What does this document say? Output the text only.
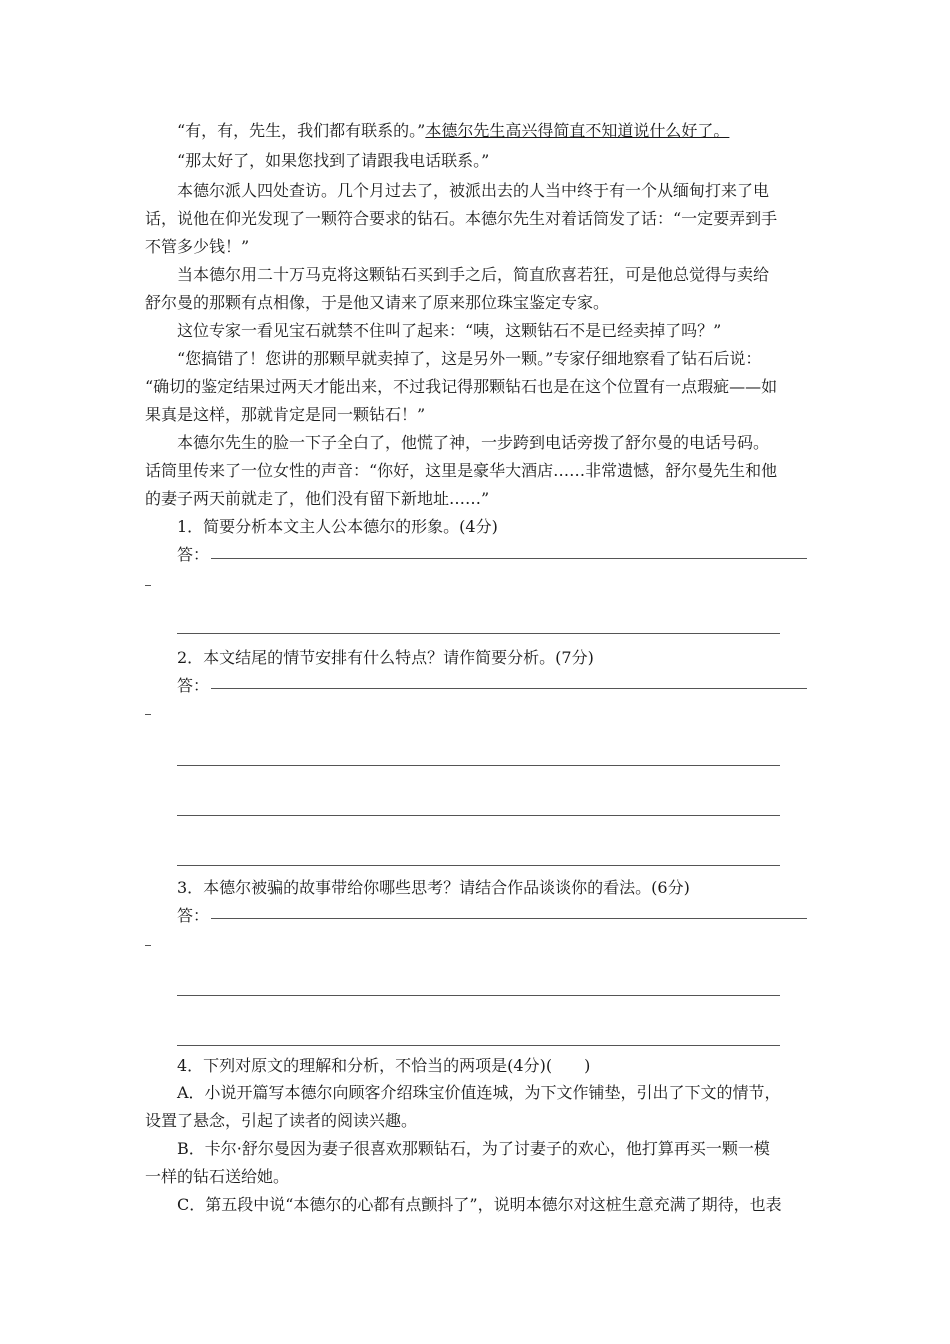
“有，有，先生，我们都有联系的。”本德尔先生高兴得简直不知道说什么好了。
“那太好了，如果您找到了请跟我电话联系。”
本德尔派人四处查访。几个月过去了，被派出去的人当中终于有一个从缅甸打来了电
话，说他在仰光发现了一颗符合要求的钻石。本德尔先生对着话筒发了话：“一定要弄到手
不管多少钱！”
当本德尔用二十万马克将这颗钻石买到手之后，简直欣喜若狂，可是他总觉得与卖给
舒尔曼的那颗有点相像，于是他又请来了原来那位珠宝鉴定专家。
这位专家一看见宝石就禁不住叫了起来：“咦，这颗钻石不是已经卖掉了吗？”
“您搞错了！您讲的那颗早就卖掉了，这是另外一颗。”专家仔细地察看了钻石后说：
“确切的鉴定结果过两天才能出来，不过我记得那颗钻石也是在这个位置有一点瑕疵——如
果真是这样，那就肯定是同一颗钻石！”
本德尔先生的脸一下子全白了，他慌了神，一步跨到电话旁拨了舒尔曼的电话号码。
话筒里传来了一位女性的声音：“你好，这里是豪华大酒店……非常遗憾，舒尔曼先生和他
的妻子两天前就走了，他们没有留下新地址……”
1．简要分析本文主人公本德尔的形象。(4分)
答：
2．本文结尾的情节安排有什么特点？请作简要分析。(7分)
答：
3．本德尔被骗的故事带给你哪些思考？请结合作品谈谈你的看法。(6分)
答：
4．下列对原文的理解和分析，不恰当的两项是(4分)(　　)
A．小说开篇写本德尔向顾客介绍珠宝价值连城，为下文作铺垫，引出了下文的情节，
设置了悬念，引起了读者的阅读兴趣。
B．卡尔·舒尔曼因为妻子很喜欢那颗钻石，为了讨妻子的欢心，他打算再买一颗一模
一样的钻石送给她。
C．第五段中说“本德尔的心都有点颤抖了”，说明本德尔对这桩生意充满了期待，也表
